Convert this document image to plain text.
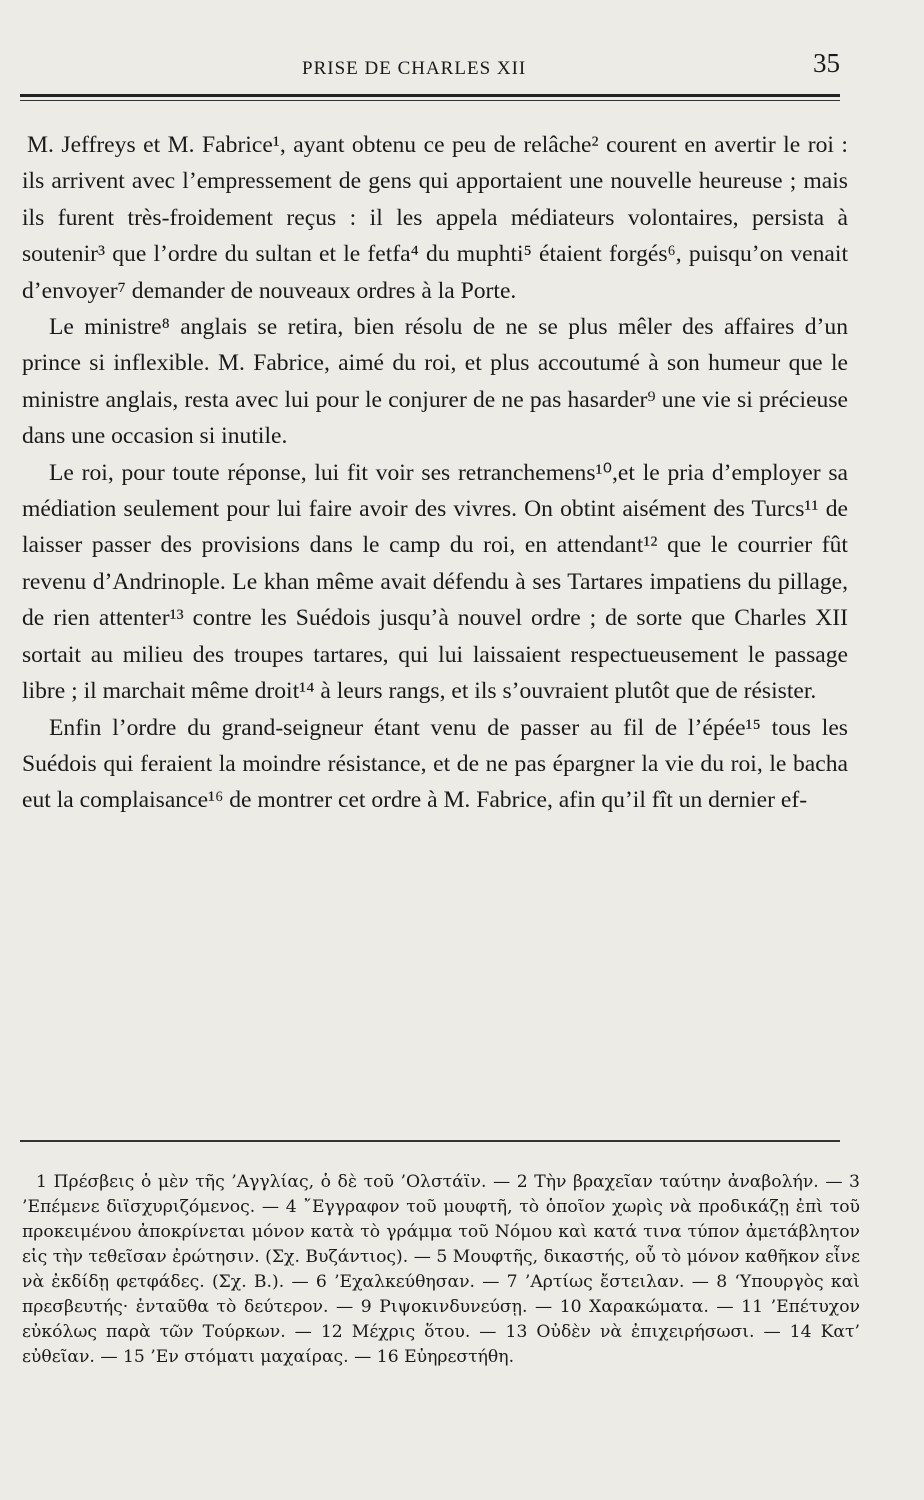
PRISE DE CHARLES XII	35

M. Jeffreys et M. Fabrice¹, ayant obtenu ce peu de relâche² courent en avertir le roi : ils arrivent avec l’empressement de gens qui apportaient une nouvelle heureuse ; mais ils furent très-froidement reçus : il les appela médiateurs volontaires, persista à soutenir³ que l’ordre du sultan et le fetfa⁴ du muphti⁵ étaient forgés⁶, puisqu’on venait d’envoyer⁷ demander de nouveaux ordres à la Porte.

Le ministre⁸ anglais se retira, bien résolu de ne se plus mêler des affaires d’un prince si inflexible. M. Fabrice, aimé du roi, et plus accoutumé à son humeur que le ministre anglais, resta avec lui pour le conjurer de ne pas hasarder⁹ une vie si précieuse dans une occasion si inutile.

Le roi, pour toute réponse, lui fit voir ses retranchemens¹⁰,et le pria d’employer sa médiation seulement pour lui faire avoir des vivres. On obtint aisément des Turcs¹¹ de laisser passer des provisions dans le camp du roi, en attendant¹² que le courrier fût revenu d’Andrinople. Le khan même avait défendu à ses Tartares impatiens du pillage, de rien attenter¹³ contre les Suédois jusqu’à nouvel ordre ; de sorte que Charles XII sortait au milieu des troupes tartares, qui lui laissaient respectueusement le passage libre ; il marchait même droit¹⁴ à leurs rangs, et ils s’ouvraient plutôt que de résister.

Enfin l’ordre du grand-seigneur étant venu de passer au fil de l’épée¹⁵ tous les Suédois qui feraient la moindre résistance, et de ne pas épargner la vie du roi, le bacha eut la complaisance¹⁶ de montrer cet ordre à M. Fabrice, afin qu’il fît un dernier ef-

1 Πρέσβεις ὁ μὲν τῆς ’Αγγλίας, ὁ δὲ τοῦ ’Ολστάϊν. — 2 Τὴν βραχεῖαν ταύτην ἀναβολήν. — 3 ’Επέμενε διϊσχυριζόμενος. — 4 ῎Εγγραφον τοῦ μουφτῆ, τὸ ὁποῖον χωρὶς νὰ προδικάζῃ ἐπὶ τοῦ προκειμένου ἀποκρίνεται μόνον κατὰ τὸ γράμμα τοῦ Νόμου καὶ κατά τινα τύπον ἀμετάβλητον εἰς τὴν τεθεῖσαν ἐρώτησιν. (Σχ. Βυζάντιος). — 5 Μουφτῆς, δικαστής, οὗ τὸ μόνον καθῆκον εἶνε νὰ ἐκδίδῃ φετφάδες. (Σχ. Β.). — 6 ’Εχαλκεύθησαν. — 7 ’Αρτίως ἔστειλαν. — 8 ‘Υπουργὸς καὶ πρεσβευτής· ἐνταῦθα τὸ δεύτερον. — 9 Ριψοκινδυνεύσῃ. — 10 Χαρακώματα. — 11 ’Επέτυχον εὐκόλως παρὰ τῶν Τούρκων. — 12 Μέχρις ὅτου. — 13 Οὐδὲν νὰ ἐπιχειρήσωσι. — 14 Κατ’ εὐθεῖαν. — 15 ’Εν στόματι μαχαίρας. — 16 Εὐηρεστήθη.
